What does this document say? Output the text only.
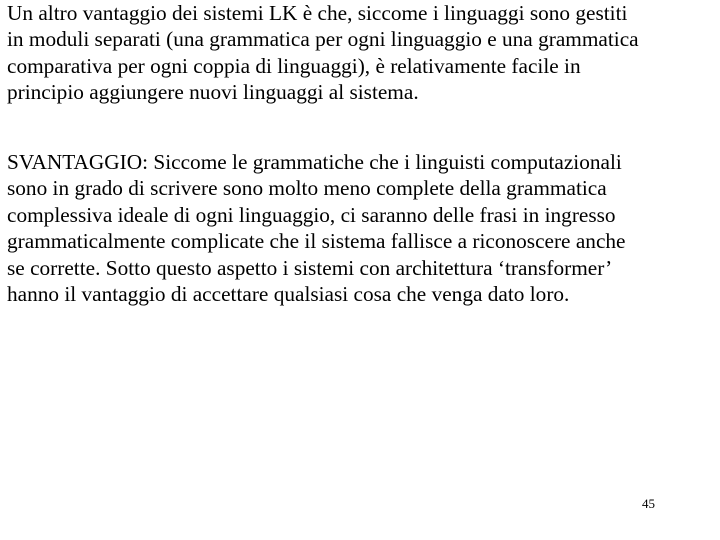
Un altro vantaggio dei sistemi LK è che, siccome i linguaggi sono gestiti
in moduli separati (una grammatica per ogni linguaggio e una grammatica
comparativa per ogni coppia di linguaggi), è relativamente facile in
principio aggiungere nuovi linguaggi al sistema.

SVANTAGGIO: Siccome le grammatiche che i linguisti computazionali
sono in grado di scrivere sono molto meno complete della grammatica
complessiva ideale di ogni linguaggio, ci saranno delle frasi in ingresso
grammaticalmente complicate che il sistema fallisce a riconoscere anche
se corrette. Sotto questo aspetto i sistemi con architettura ‘transformer’
hanno il vantaggio di accettare qualsiasi cosa che venga dato loro.

45
